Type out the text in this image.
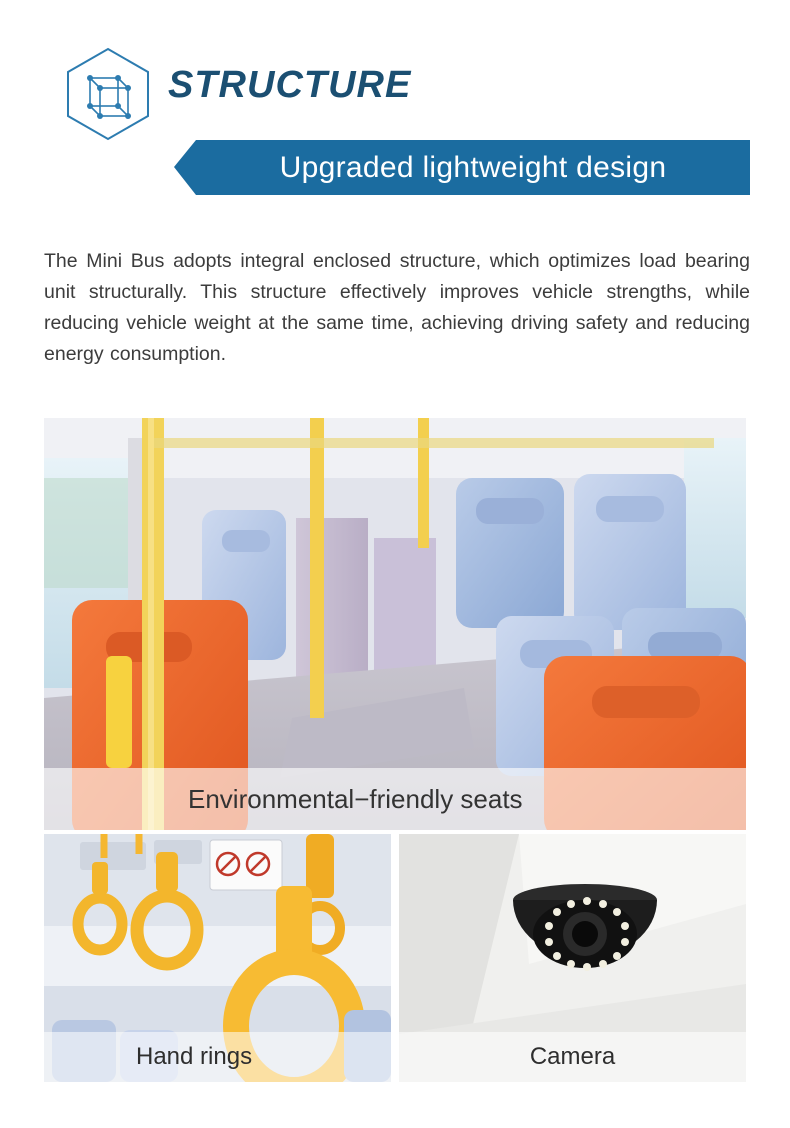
STRUCTURE
Upgraded lightweight design
The Mini Bus adopts integral enclosed structure, which optimizes load bearing unit structurally. This structure effectively improves vehicle strengths, while reducing vehicle weight at the same time, achieving driving safety and reducing energy consumption.
Environmental−friendly seats
Hand rings	Camera
